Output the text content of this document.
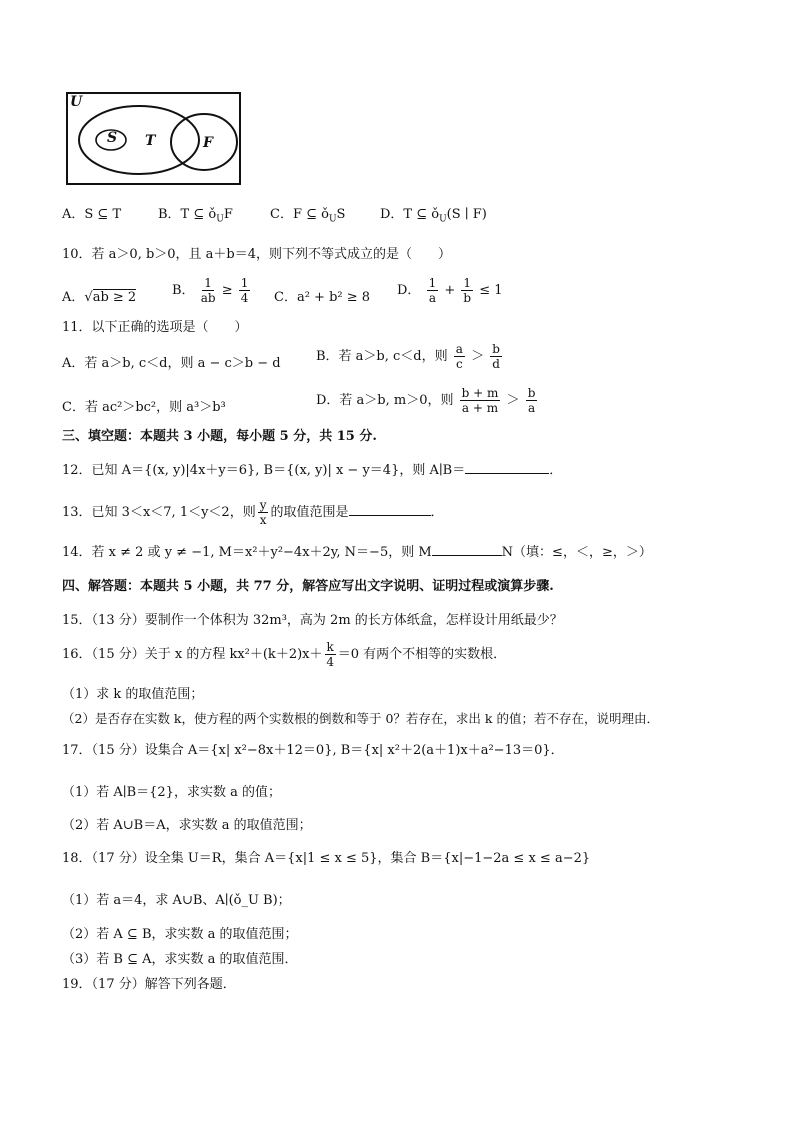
U
S T	F
A．S ⊆ T	B．T ⊆ $ǒ_UF$	C．F ⊆ $ǒ_US$	D．T ⊆ $ǒ_U(S$ ∣ F)
10．若 a＞0, b＞0，且 a＋b＝4，则下列不等式成立的是（　　）
A．√ab ≥ 2	B． $\frac{1}{ab} \ge \frac{1}{4}$ C．a² + b² ≥ 8 D． $\frac{1}{a} + \frac{1}{b} \le 1$
11．以下正确的选项是（　　）
A．若 a＞b, c＜d，则 a − c＞b − d	B．若 a＞b, c＜d，则 $\frac{a}{c} > \frac{b}{d}$
C．若 ac²＞bc²，则 a³＞b³	D．若 a＞b, m＞0，则 $\frac{b + m}{a + m} > \frac{b}{a}$
三、填空题：本题共 3 小题，每小题 5 分，共 15 分.
12．已知 A＝{(x, y)|4x＋y＝6}, B＝{(x, y)| x − y＝4}，则 A∣B＝	．
13．已知 3＜x＜7, 1＜y＜2，则 $\frac{y}{x}$ 的取值范围是	．
14．若 x ≠ 2 或 y ≠ −1, M＝x²＋y²−4x＋2y, N＝−5，则 M	N（填：≤，＜，≥，＞）
四、解答题：本题共 5 小题，共 77 分，解答应写出文字说明、证明过程或演算步骤.
15．（13 分）要制作一个体积为 32m³，高为 2m 的长方体纸盒，怎样设计用纸最少？
16．（15 分）关于 x 的方程 $kx^2+(k+2)x+ \frac{k}{4} =0$ 有两个不相等的实数根．
（1）求 k 的取值范围；
（2）是否存在实数 k，使方程的两个实数根的倒数和等于 0？若存在，求出 k 的值；若不存在，说明理由．
17．（15 分）设集合 A＝{x| x²−8x＋12＝0}, B＝{x| x²＋2(a＋1)x＋a²−13＝0}．
（1）若 A∣B＝{2}，求实数 a 的值；
（2）若 A∪B＝A，求实数 a 的取值范围；
18．（17 分）设全集 U＝R，集合 A＝{x|1 ≤ x ≤ 5}，集合 B＝{x|−1−2a ≤ x ≤ a−2}
（1）若 a＝4，求 A∪B、A∣(ǒ_U B)；
（2）若 A ⊆ B，求实数 a 的取值范围；
（3）若 B ⊆ A，求实数 a 的取值范围．
19．（17 分）解答下列各题．
